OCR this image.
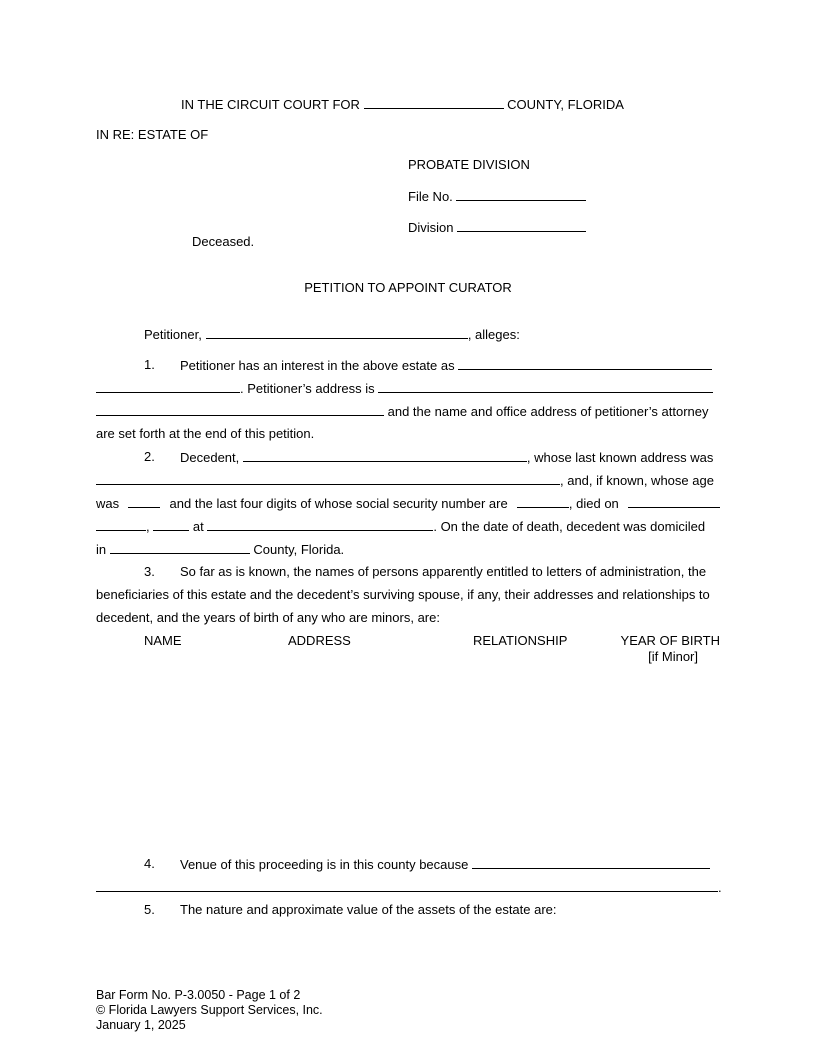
IN THE CIRCUIT COURT FOR	COUNTY, FLORIDA
IN RE: ESTATE OF
PROBATE DIVISION
File No.
Division
Deceased.
PETITION TO APPOINT CURATOR
Petitioner,	, alleges:
1. Petitioner has an interest in the above estate as
. Petitioner’s address is
and the name and office address of petitioner’s attorney
are set forth at the end of this petition.
2. Decedent,	, whose last known address was
, and, if known, whose age
was	and the last four digits of whose social security number are	, died on
,	at	. On the date of death, decedent was domiciled
in	County, Florida.
3. So far as is known, the names of persons apparently entitled to letters of administration, the
beneficiaries of this estate and the decedent’s surviving spouse, if any, their addresses and relationships to
decedent, and the years of birth of any who are minors, are:
NAME	ADDRESS	RELATIONSHIP	YEAR OF BIRTH
[if Minor]
4. Venue of this proceeding is in this county because
.
5. The nature and approximate value of the assets of the estate are:
Bar Form No. P-3.0050 - Page 1 of 2
© Florida Lawyers Support Services, Inc.
January 1, 2025
